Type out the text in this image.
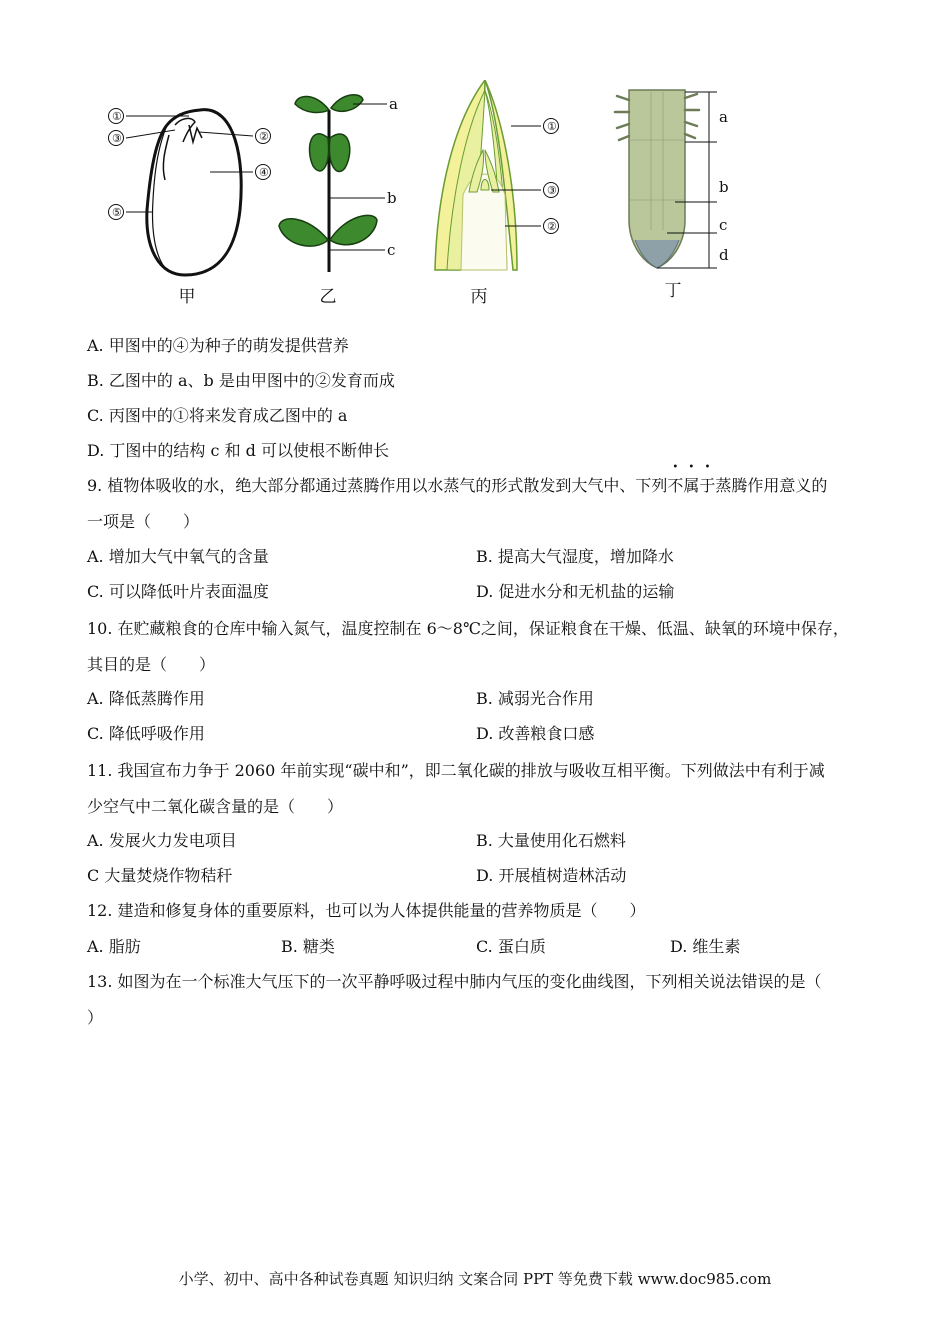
①
②
③
④
⑤
甲
a
b
c
乙
①
②
③
丙
a
b
c
d
丁
A. 甲图中的④为种子的萌发提供营养
B. 乙图中的 a、b 是由甲图中的②发育而成
C. 丙图中的①将来发育成乙图中的 a
D. 丁图中的结构 c 和 d 可以使根不断伸长
9. 植物体吸收的水，绝大部分都通过蒸腾作用以水蒸气的形式散发到大气中、下列不属于蒸腾作用意义的
一项是（　　）
A. 增加大气中氧气的含量	B. 提高大气湿度，增加降水
C. 可以降低叶片表面温度	D. 促进水分和无机盐的运输
10. 在贮藏粮食的仓库中输入氮气，温度控制在 6～8℃之间，保证粮食在干燥、低温、缺氧的环境中保存，
其目的是（　　）
A. 降低蒸腾作用	B. 减弱光合作用
C. 降低呼吸作用	D. 改善粮食口感
11. 我国宣布力争于 2060 年前实现“碳中和”，即二氧化碳的排放与吸收互相平衡。下列做法中有利于减
少空气中二氧化碳含量的是（　　）
A. 发展火力发电项目	B. 大量使用化石燃料
C 大量焚烧作物秸秆	D. 开展植树造林活动
12. 建造和修复身体的重要原料，也可以为人体提供能量的营养物质是（　　）
A. 脂肪	B. 糖类	C. 蛋白质	D. 维生素
13. 如图为在一个标准大气压下的一次平静呼吸过程中肺内气压的变化曲线图，下列相关说法错误的是（
）
小学、初中、高中各种试卷真题 知识归纳 文案合同 PPT 等免费下载 www.doc985.com
